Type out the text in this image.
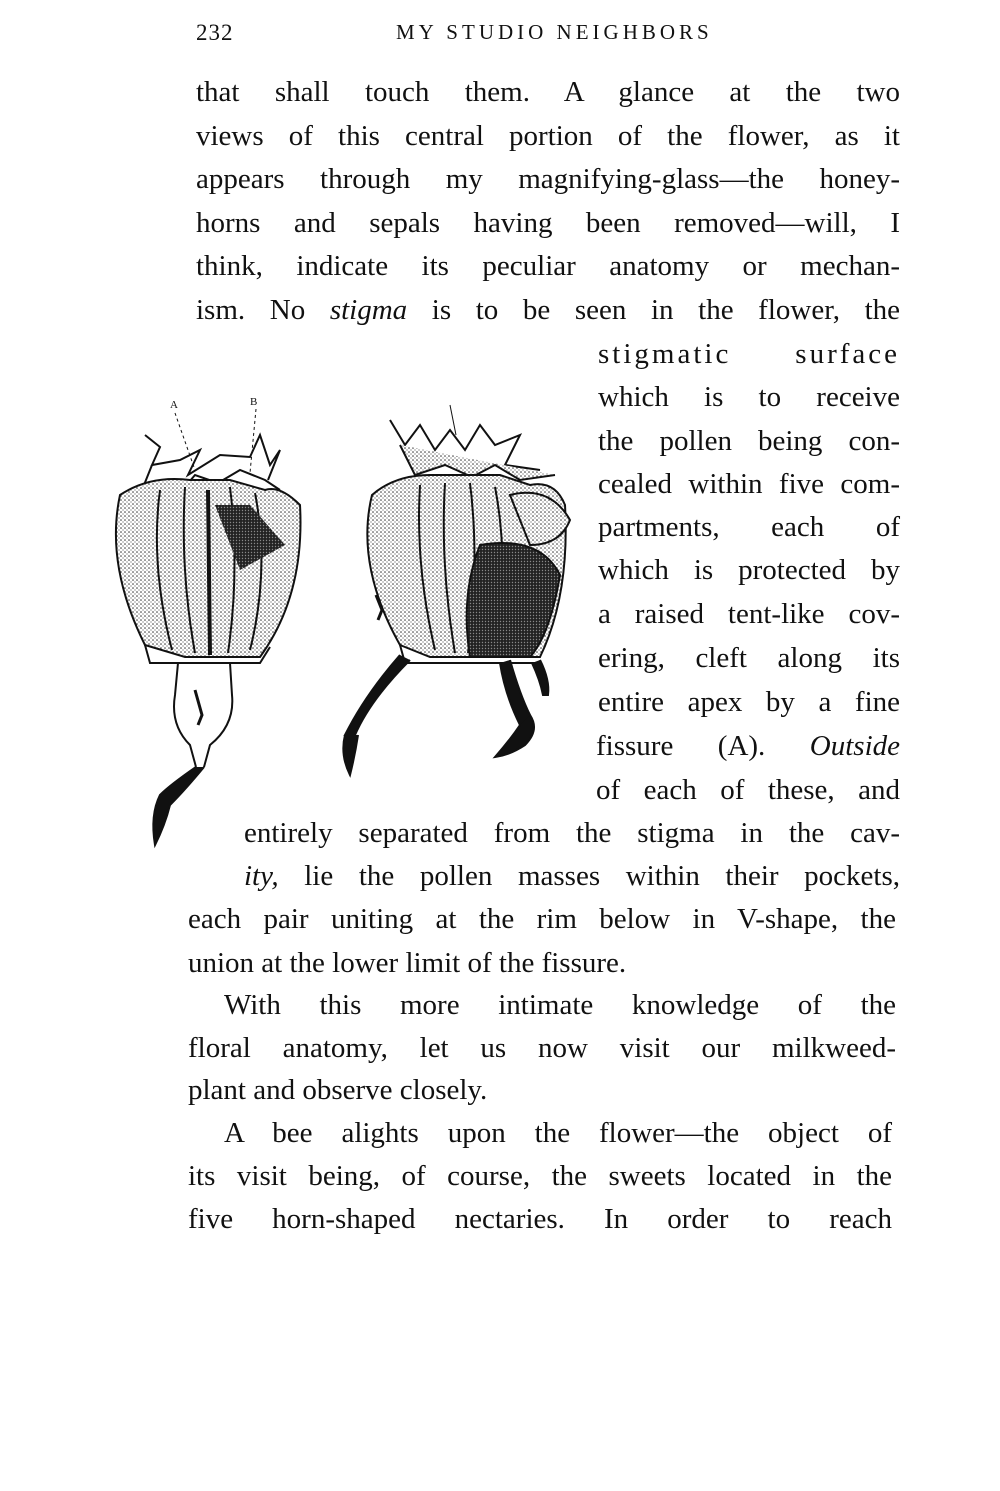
232	MY STUDIO NEIGHBORS
that shall touch them. A glance at the two
views of this central portion of the flower, as it
appears through my magnifying-glass—the honey-
horns and sepals having been removed—will, I
think, indicate its peculiar anatomy or mechan-
ism. No stigma is to be seen in the flower, the
stigmatic surface
which is to receive
the pollen being con-
cealed within five com-
partments, each of
which is protected by
a raised tent-like cov-
ering, cleft along its
entire apex by a fine
fissure (A). Outside
of each of these, and
entirely separated from the stigma in the cav-
ity, lie the pollen masses within their pockets,
each pair uniting at the rim below in V-shape, the
union at the lower limit of the fissure.
With this more intimate knowledge of the
floral anatomy, let us now visit our milkweed-
plant and observe closely.
A bee alights upon the flower—the object of
its visit being, of course, the sweets located in the
five horn-shaped nectaries. In order to reach
A	B
